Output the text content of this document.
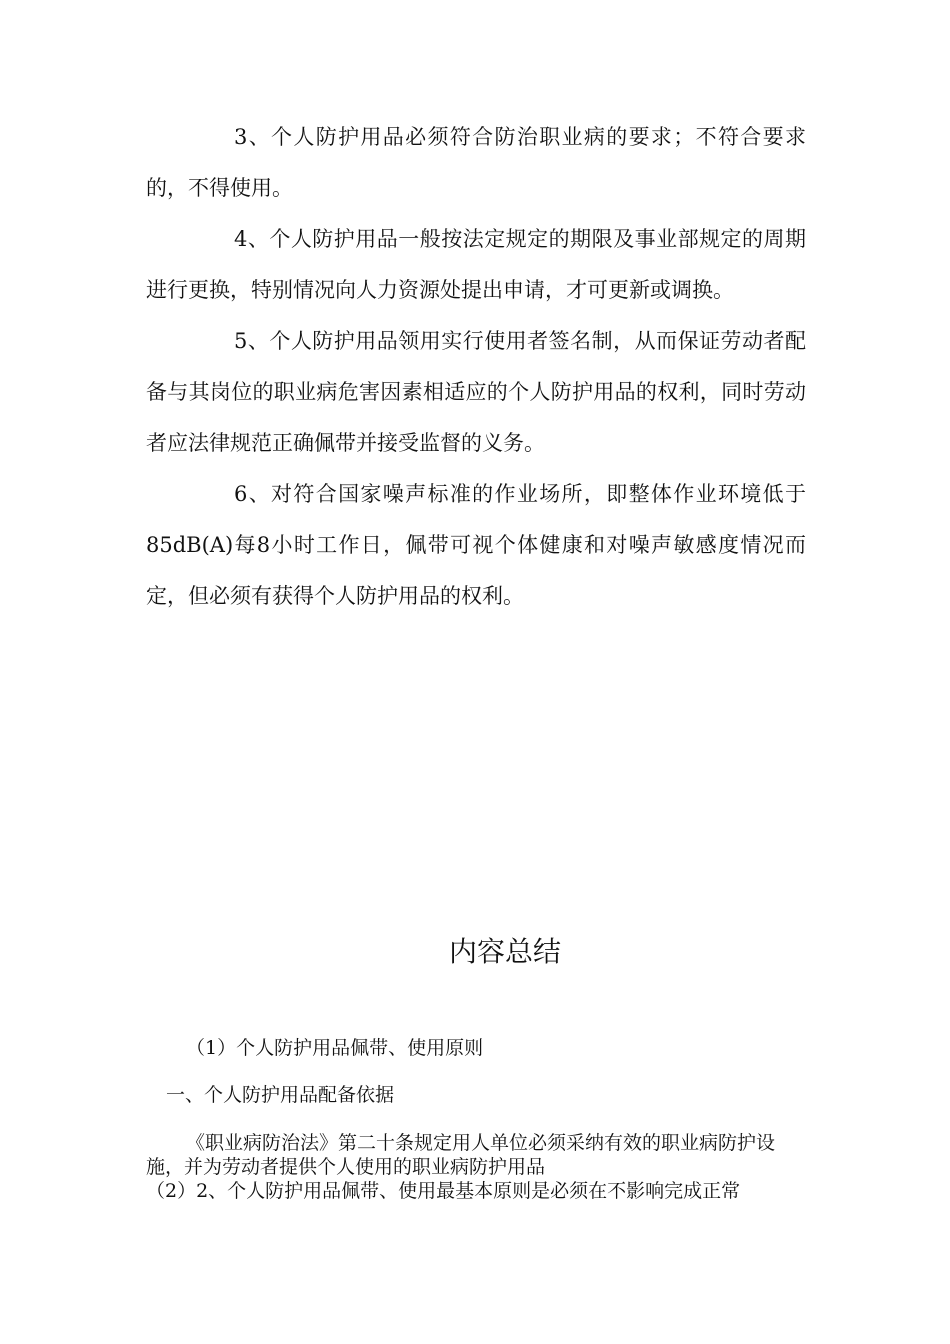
3、个人防护用品必须符合防治职业病的要求；不符合要求的，不得使用。

4、个人防护用品一般按法定规定的期限及事业部规定的周期进行更换，特别情况向人力资源处提出申请，才可更新或调换。

5、个人防护用品领用实行使用者签名制，从而保证劳动者配备与其岗位的职业病危害因素相适应的个人防护用品的权利，同时劳动者应法律规范正确佩带并接受监督的义务。

6、对符合国家噪声标准的作业场所，即整体作业环境低于85dB(A)每8小时工作日，佩带可视个体健康和对噪声敏感度情况而定，但必须有获得个人防护用品的权利。

内容总结

（1）个人防护用品佩带、使用原则

一、个人防护用品配备依据

《职业病防治法》第二十条规定用人单位必须采纳有效的职业病防护设施，并为劳动者提供个人使用的职业病防护用品

（2）2、个人防护用品佩带、使用最基本原则是必须在不影响完成正常
